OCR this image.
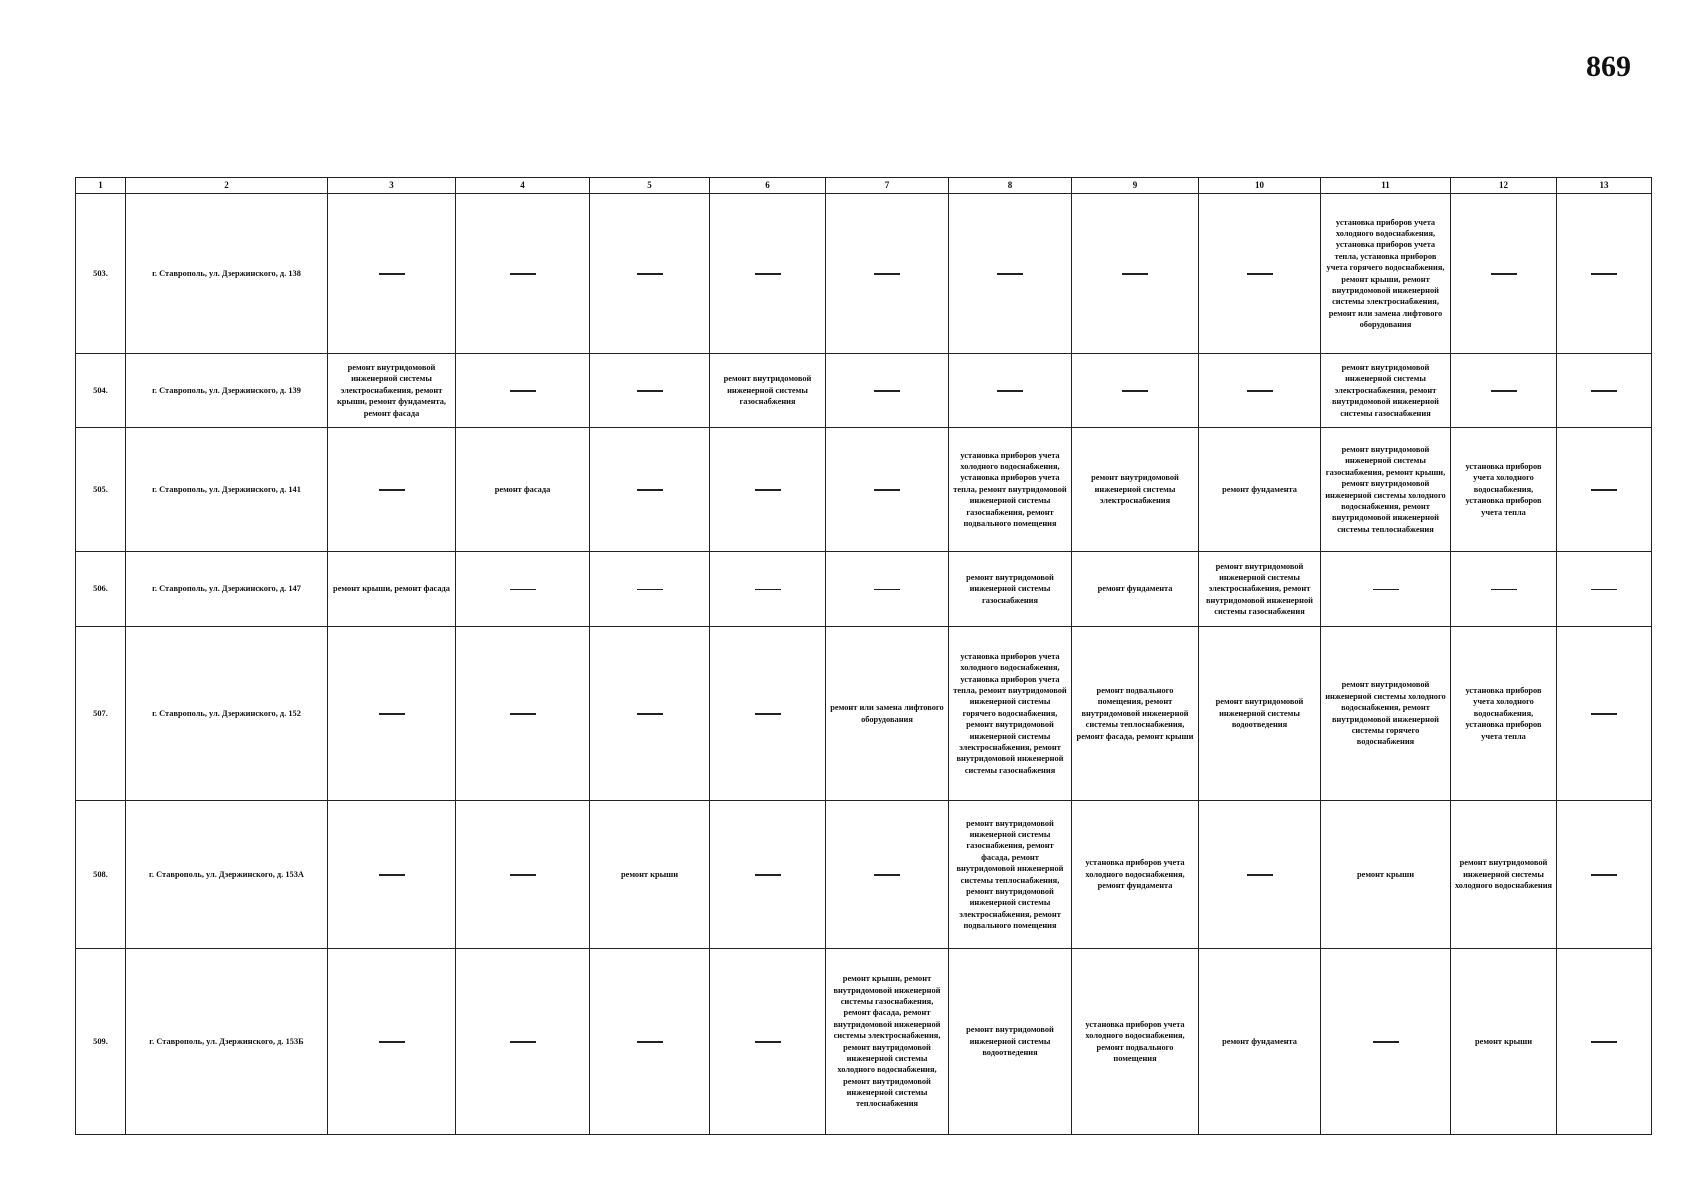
869
1	2	3	4	5	6	7	8	9	10	11	12	13
503.	г. Ставрополь, ул. Дзержинского, д. 138									установка приборов учета холодного водоснабжения, установка приборов учета тепла, установка приборов учета горячего водоснабжения, ремонт крыши, ремонт внутридомовой инженерной системы электроснабжения, ремонт или замена лифтового оборудования		
504.	г. Ставрополь, ул. Дзержинского, д. 139	ремонт внутридомовой инженерной системы электроснабжения, ремонт крыши, ремонт фундамента, ремонт фасада			ремонт внутридомовой инженерной системы газоснабжения					ремонт внутридомовой инженерной системы электроснабжения, ремонт внутридомовой инженерной системы газоснабжения		
505.	г. Ставрополь, ул. Дзержинского, д. 141		ремонт фасада				установка приборов учета холодного водоснабжения, установка приборов учета тепла, ремонт внутридомовой инженерной системы газоснабжения, ремонт подвального помещения	ремонт внутридомовой инженерной системы электроснабжения	ремонт фундамента	ремонт внутридомовой инженерной системы газоснабжения, ремонт крыши, ремонт внутридомовой инженерной системы холодного водоснабжения, ремонт внутридомовой инженерной системы теплоснабжения	установка приборов учета холодного водоснабжения, установка приборов учета тепла	
506.	г. Ставрополь, ул. Дзержинского, д. 147	ремонт крыши, ремонт фасада					ремонт внутридомовой инженерной системы газоснабжения	ремонт фундамента	ремонт внутридомовой инженерной системы электроснабжения, ремонт внутридомовой инженерной системы газоснабжения			
507.	г. Ставрополь, ул. Дзержинского, д. 152					ремонт или замена лифтового оборудования	установка приборов учета холодного водоснабжения, установка приборов учета тепла, ремонт внутридомовой инженерной системы горячего водоснабжения, ремонт внутридомовой инженерной системы электроснабжения, ремонт внутридомовой инженерной системы газоснабжения	ремонт подвального помещения, ремонт внутридомовой инженерной системы теплоснабжения, ремонт фасада, ремонт крыши	ремонт внутридомовой инженерной системы водоотведения	ремонт внутридомовой инженерной системы холодного водоснабжения, ремонт внутридомовой инженерной системы горячего водоснабжения	установка приборов учета холодного водоснабжения, установка приборов учета тепла	
508.	г. Ставрополь, ул. Дзержинского, д. 153А			ремонт крыши			ремонт внутридомовой инженерной системы газоснабжения, ремонт фасада, ремонт внутридомовой инженерной системы теплоснабжения, ремонт внутридомовой инженерной системы электроснабжения, ремонт подвального помещения	установка приборов учета холодного водоснабжения, ремонт фундамента		ремонт крыши	ремонт внутридомовой инженерной системы холодного водоснабжения	
509.	г. Ставрополь, ул. Дзержинского, д. 153Б					ремонт крыши, ремонт внутридомовой инженерной системы газоснабжения, ремонт фасада, ремонт внутридомовой инженерной системы электроснабжения, ремонт внутридомовой инженерной системы холодного водоснабжения, ремонт внутридомовой инженерной системы теплоснабжения	ремонт внутридомовой инженерной системы водоотведения	установка приборов учета холодного водоснабжения, ремонт подвального помещения	ремонт фундамента		ремонт крыши	
